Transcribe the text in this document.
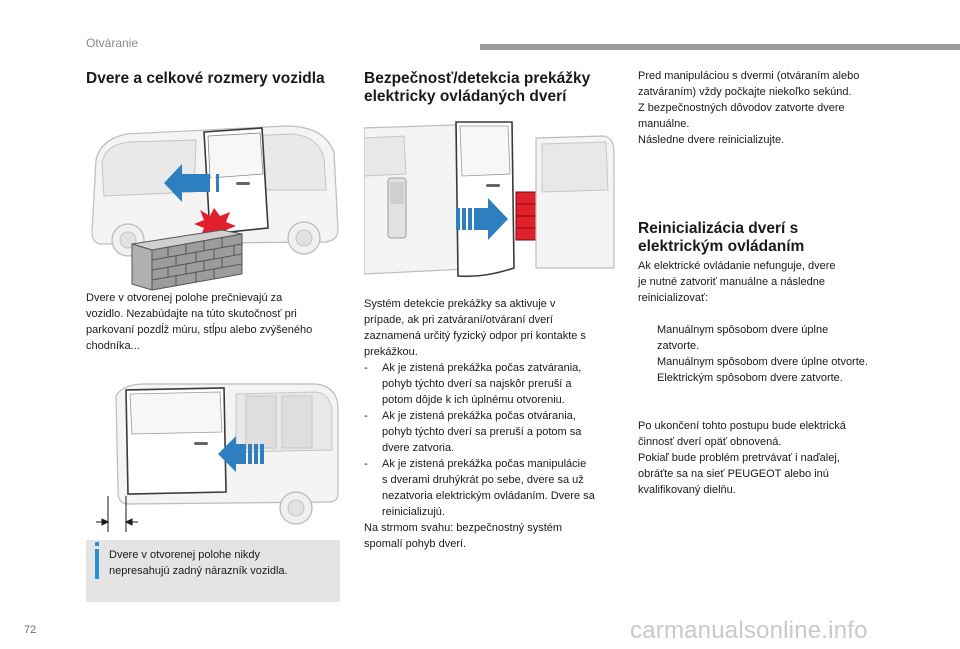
Otváranie
Dvere a celkové rozmery vozidla
Dvere v otvorenej polohe prečnievajú za
vozidlo. Nezabúdajte na túto skutočnosť pri
parkovaní pozdĺž múru, stĺpu alebo zvýšeného
chodníka...
Dvere v otvorenej polohe nikdy
nepresahujú zadný nárazník vozidla.
Bezpečnosť/detekcia prekážky
elektricky ovládaných dverí
Systém detekcie prekážky sa aktivuje v
prípade, ak pri zatváraní/otváraní dverí
zaznamená určitý fyzický odpor pri kontakte s
prekážkou.
- Ak je zistená prekážka počas zatvárania,
pohyb týchto dverí sa najskôr preruší a
potom dôjde k ich úplnému otvoreniu.
- Ak je zistená prekážka počas otvárania,
pohyb týchto dverí sa preruší a potom sa
dvere zatvoria.
- Ak je zistená prekážka počas manipulácie
s dverami druhýkrát po sebe, dvere sa už
nezatvoria elektrickým ovládaním. Dvere sa
reinicializujú.
Na strmom svahu: bezpečnostný systém
spomalí pohyb dverí.
Pred manipuláciou s dvermi (otváraním alebo
zatváraním) vždy počkajte niekoľko sekúnd.
Z bezpečnostných dôvodov zatvorte dvere
manuálne.
Následne dvere reinicializujte.
Reinicializácia dverí s
elektrickým ovládaním
Ak elektrické ovládanie nefunguje, dvere
je nutné zatvoriť manuálne a následne
reinicializovať:
Manuálnym spôsobom dvere úplne
zatvorte.
Manuálnym spôsobom dvere úplne otvorte.
Elektrickým spôsobom dvere zatvorte.
Po ukončení tohto postupu bude elektrická
činnosť dverí opäť obnovená.
Pokiaľ bude problém pretrvávať i naďalej,
obráťte sa na sieť PEUGEOT alebo inú
kvalifikovaný dielňu.
72	carmanualsonline.info
